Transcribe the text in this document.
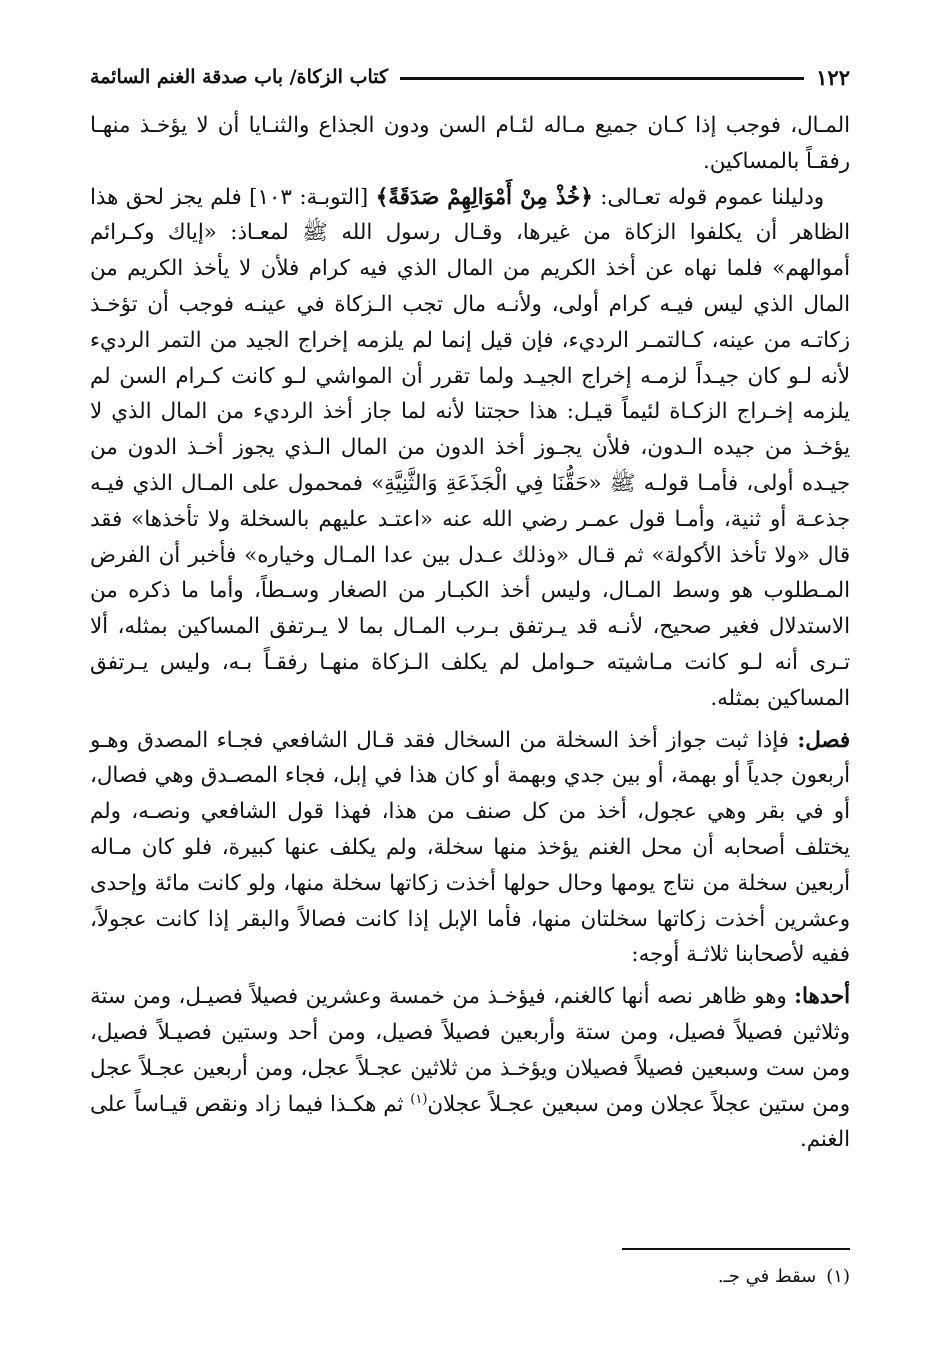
١٢٢
كتاب الزكاة/ باب صدقة الغنم السائمة

المـال، فوجب إذا كـان جميع مـاله لئـام السن ودون الجذاع والثنـايا أن لا يؤخـذ منهـا رفقـاً بالمساكين.

ودليلنا عموم قوله تعـالى: ﴿خُذْ مِنْ أَمْوَالِهِمْ صَدَقَةً﴾ [التوبـة: ١٠٣] فلم يجز لحق هذا الظاهر أن يكلفوا الزكاة من غيرها، وقـال رسول الله ﷺ لمعـاذ: «إياك وكـرائم أموالهم» فلما نهاه عن أخذ الكريم من المال الذي فيه كرام فلأن لا يأخذ الكريم من المال الذي ليس فيـه كرام أولى، ولأنـه مال تجب الـزكاة في عينـه فوجب أن تؤخـذ زكاتـه من عينه، كـالتمـر الرديء، فإن قيل إنما لم يلزمه إخراج الجيد من التمر الرديء لأنه لـو كان جيـداً لزمـه إخراج الجيـد ولما تقرر أن المواشي لـو كانت كـرام السن لم يلزمه إخـراج الزكـاة لئيماً قيـل: هذا حجتنا لأنه لما جاز أخذ الرديء من المال الذي لا يؤخـذ من جيده الـدون، فلأن يجـوز أخذ الدون من المال الـذي يجوز أخـذ الدون من جيـده أولى، فأمـا قولـه ﷺ «حَقُّنَا فِي الْجَذَعَةِ وَالثَّنِيَّةِ» فمحمول على المـال الذي فيـه جذعـة أو ثنية، وأمـا قول عمـر رضي الله عنه «اعتـد عليهم بالسخلة ولا تأخذها» فقد قال «ولا تأخذ الأكولة» ثم قـال «وذلك عـدل بين عدا المـال وخياره» فأخبر أن الفرض المـطلوب هو وسط المـال، وليس أخذ الكبـار من الصغار وسـطاً، وأما ما ذكره من الاستدلال فغير صحيح، لأنـه قد يـرتفق بـرب المـال بما لا يـرتفق المساكين بمثله، ألا تـرى أنه لـو كانت مـاشيته حـوامل لم يكلف الـزكاة منهـا رفقـاً بـه، وليس يـرتفق المساكين بمثله.

فصل: فإذا ثبت جواز أخذ السخلة من السخال فقد قـال الشافعي فجـاء المصدق وهـو أربعون جدياً أو بهمة، أو بين جدي وبهمة أو كان هذا في إبل، فجاء المصـدق وهي فصال، أو في بقر وهي عجول، أخذ من كل صنف من هذا، فهذا قول الشافعي ونصـه، ولم يختلف أصحابه أن محل الغنم يؤخذ منها سخلة، ولم يكلف عنها كبيرة، فلو كان مـاله أربعين سخلة من نتاج يومها وحال حولها أخذت زكاتها سخلة منها، ولو كانت مائة وإحدى وعشرين أخذت زكاتها سخلتان منها، فأما الإبل إذا كانت فصالاً والبقر إذا كانت عجولاً، ففيه لأصحابنا ثلاثـة أوجه:

أحدها: وهو ظاهر نصه أنها كالغنم، فيؤخـذ من خمسة وعشرين فصيلاً فصيـل، ومن ستة وثلاثين فصيلاً فصيل، ومن ستة وأربعين فصيلاً فصيل، ومن أحد وستين فصيـلاً فصيل، ومن ست وسبعين فصيلاً فصيلان ويؤخـذ من ثلاثين عجـلاً عجل، ومن أربعين عجـلاً عجل ومن ستين عجلاً عجلان ومن سبعين عجـلاً عجلان$^{(١)}$ ثم هكـذا فيما زاد ونقص قيـاساً على الغنم.

(١)
سقط في جـ.
